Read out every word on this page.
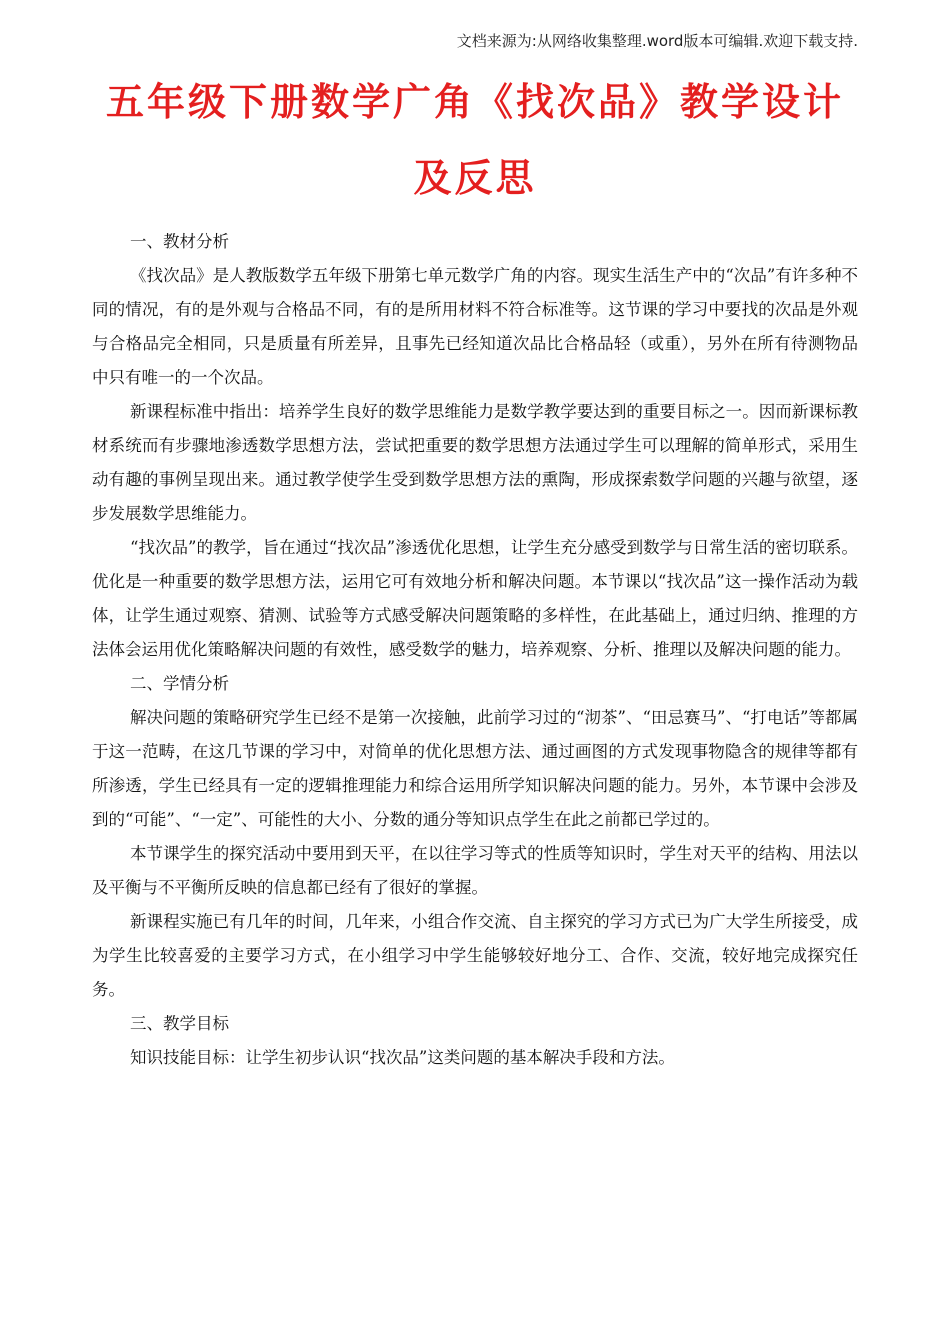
文档来源为:从网络收集整理.word版本可编辑.欢迎下载支持.
五年级下册数学广角《找次品》教学设计及反思

一、教材分析

《找次品》是人教版数学五年级下册第七单元数学广角的内容。现实生活生产中的“次品”有许多种不同的情况，有的是外观与合格品不同，有的是所用材料不符合标准等。这节课的学习中要找的次品是外观与合格品完全相同，只是质量有所差异，且事先已经知道次品比合格品轻（或重），另外在所有待测物品中只有唯一的一个次品。

新课程标准中指出：培养学生良好的数学思维能力是数学教学要达到的重要目标之一。因而新课标教材系统而有步骤地渗透数学思想方法，尝试把重要的数学思想方法通过学生可以理解的简单形式，采用生动有趣的事例呈现出来。通过教学使学生受到数学思想方法的熏陶，形成探索数学问题的兴趣与欲望，逐步发展数学思维能力。

“找次品”的教学，旨在通过“找次品”渗透优化思想，让学生充分感受到数学与日常生活的密切联系。优化是一种重要的数学思想方法，运用它可有效地分析和解决问题。本节课以“找次品”这一操作活动为载体，让学生通过观察、猜测、试验等方式感受解决问题策略的多样性，在此基础上，通过归纳、推理的方法体会运用优化策略解决问题的有效性，感受数学的魅力，培养观察、分析、推理以及解决问题的能力。

二、学情分析

解决问题的策略研究学生已经不是第一次接触，此前学习过的“沏茶”、“田忌赛马”、“打电话”等都属于这一范畴，在这几节课的学习中，对简单的优化思想方法、通过画图的方式发现事物隐含的规律等都有所渗透，学生已经具有一定的逻辑推理能力和综合运用所学知识解决问题的能力。另外，本节课中会涉及到的“可能”、“一定”、可能性的大小、分数的通分等知识点学生在此之前都已学过的。

本节课学生的探究活动中要用到天平，在以往学习等式的性质等知识时，学生对天平的结构、用法以及平衡与不平衡所反映的信息都已经有了很好的掌握。

新课程实施已有几年的时间，几年来，小组合作交流、自主探究的学习方式已为广大学生所接受，成为学生比较喜爱的主要学习方式，在小组学习中学生能够较好地分工、合作、交流，较好地完成探究任务。

三、教学目标

知识技能目标：让学生初步认识“找次品”这类问题的基本解决手段和方法。
